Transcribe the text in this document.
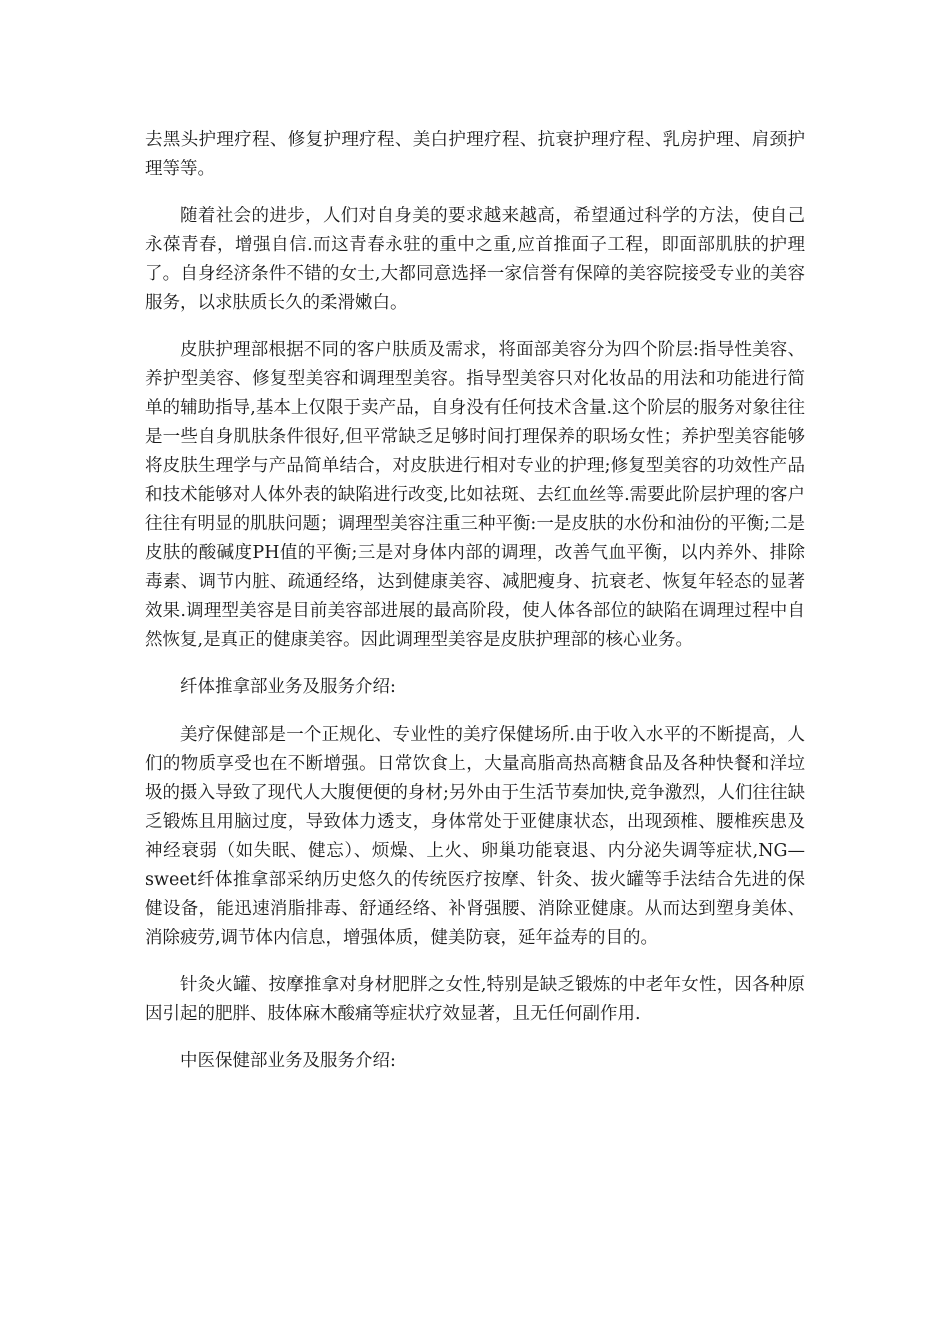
去黑头护理疗程、修复护理疗程、美白护理疗程、抗衰护理疗程、乳房护理、肩颈护理等等。

随着社会的进步，人们对自身美的要求越来越高，希望通过科学的方法，使自己永葆青春，增强自信.而这青春永驻的重中之重,应首推面子工程，即面部肌肤的护理了。自身经济条件不错的女士,大都同意选择一家信誉有保障的美容院接受专业的美容服务，以求肤质长久的柔滑嫩白。

皮肤护理部根据不同的客户肤质及需求，将面部美容分为四个阶层:指导性美容、养护型美容、修复型美容和调理型美容。指导型美容只对化妆品的用法和功能进行简单的辅助指导,基本上仅限于卖产品，自身没有任何技术含量.这个阶层的服务对象往往是一些自身肌肤条件很好,但平常缺乏足够时间打理保养的职场女性；养护型美容能够将皮肤生理学与产品简单结合，对皮肤进行相对专业的护理;修复型美容的功效性产品和技术能够对人体外表的缺陷进行改变,比如祛斑、去红血丝等.需要此阶层护理的客户往往有明显的肌肤问题；调理型美容注重三种平衡:一是皮肤的水份和油份的平衡;二是皮肤的酸碱度PH值的平衡;三是对身体内部的调理，改善气血平衡，以内养外、排除毒素、调节内脏、疏通经络，达到健康美容、减肥瘦身、抗衰老、恢复年轻态的显著效果.调理型美容是目前美容部进展的最高阶段，使人体各部位的缺陷在调理过程中自然恢复,是真正的健康美容。因此调理型美容是皮肤护理部的核心业务。

纤体推拿部业务及服务介绍:

美疗保健部是一个正规化、专业性的美疗保健场所.由于收入水平的不断提高，人们的物质享受也在不断增强。日常饮食上，大量高脂高热高糖食品及各种快餐和洋垃圾的摄入导致了现代人大腹便便的身材;另外由于生活节奏加快,竞争激烈，人们往往缺乏锻炼且用脑过度，导致体力透支，身体常处于亚健康状态，出现颈椎、腰椎疾患及神经衰弱（如失眠、健忘）、烦燥、上火、卵巢功能衰退、内分泌失调等症状,NG—sweet纤体推拿部采纳历史悠久的传统医疗按摩、针灸、拔火罐等手法结合先进的保健设备，能迅速消脂排毒、舒通经络、补肾强腰、消除亚健康。从而达到塑身美体、消除疲劳,调节体内信息，增强体质，健美防衰，延年益寿的目的。

针灸火罐、按摩推拿对身材肥胖之女性,特别是缺乏锻炼的中老年女性，因各种原因引起的肥胖、肢体麻木酸痛等症状疗效显著，且无任何副作用.

中医保健部业务及服务介绍:
